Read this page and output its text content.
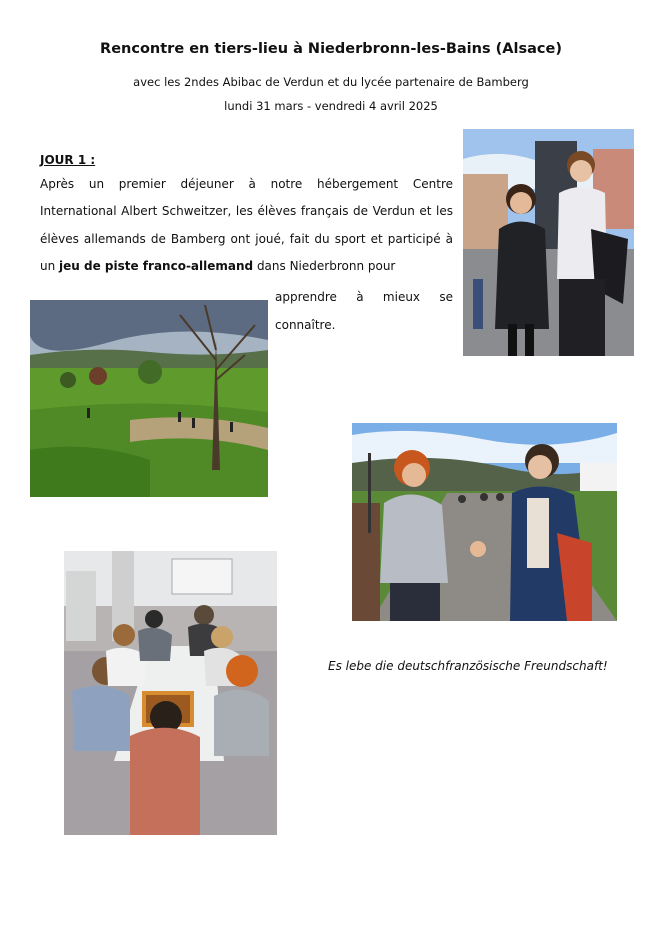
Rencontre en tiers-lieu à Niederbronn-les-Bains (Alsace)
avec les 2ndes Abibac de Verdun et du lycée partenaire de Bamberg
lundi 31 mars - vendredi 4 avril 2025
JOUR 1 :
Après un premier déjeuner à notre hébergement Centre International Albert Schweitzer, les élèves français de Verdun et les élèves allemands de Bamberg ont joué, fait du sport et participé à un jeu de piste franco-allemand dans Niederbronn pour
apprendre à mieux se connaître.
Es lebe die deutschfranzösische Freundschaft!
